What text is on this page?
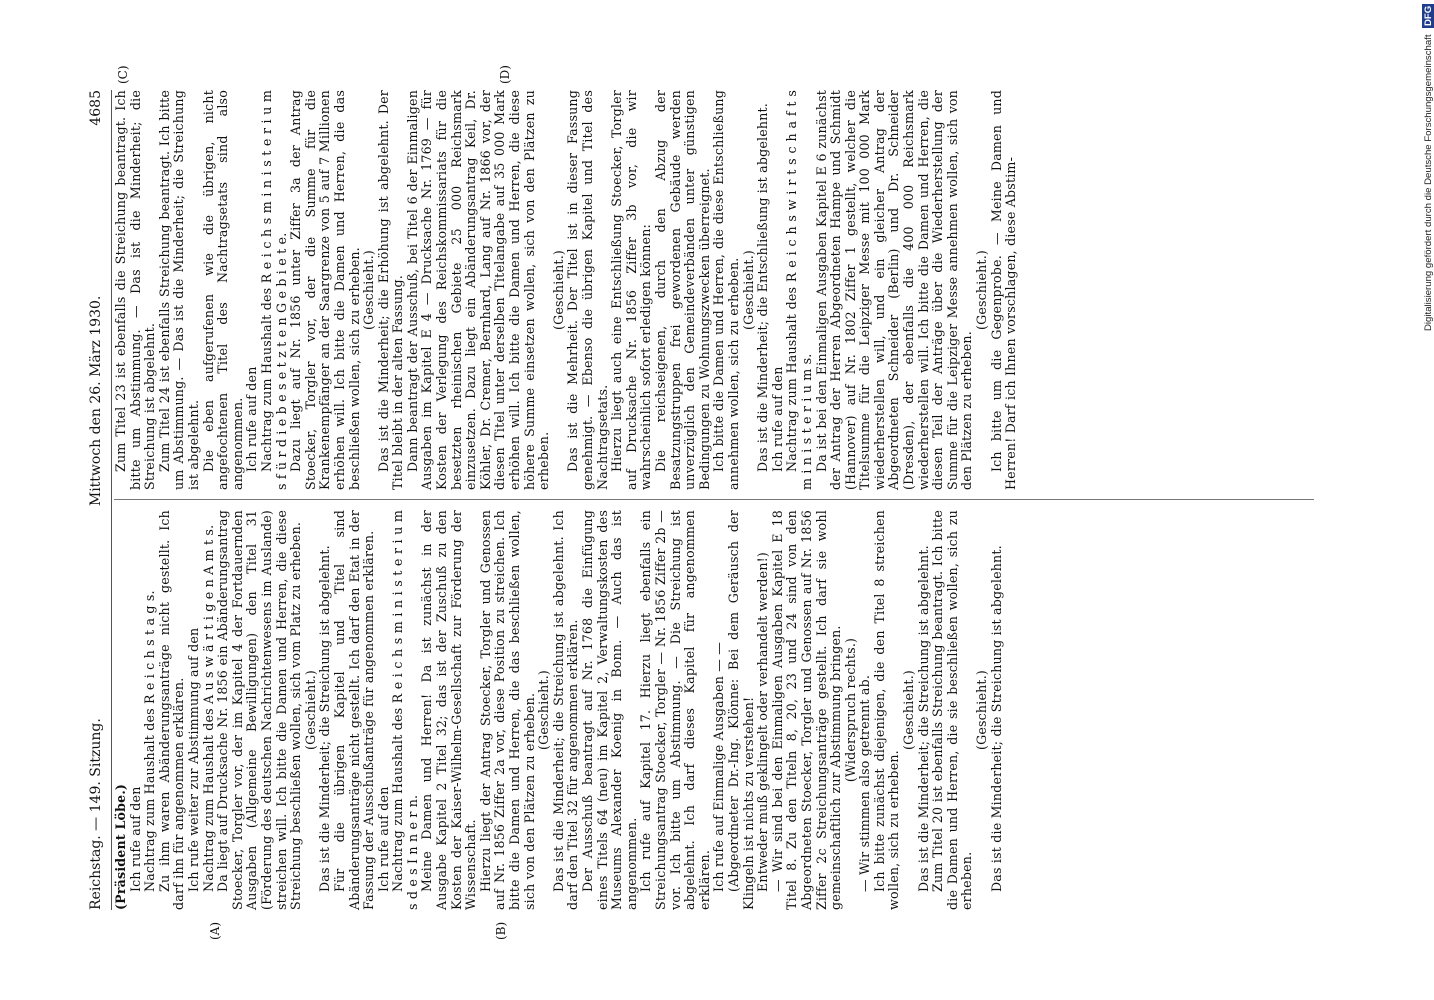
Reichstag. — 149. Sitzung.
Mittwoch den 26. März 1930.4685
(A)	(B)
(C)	(D)

(Präsident Löbe.) Ich rufe auf den Nachtrag zum Haushalt des R e i c h s t a g s. Zu ihm waren Abänderungsanträge nicht gestellt. Ich darf ihn für angenommen erklären. Ich rufe weiter zur Abstimmung auf den Nachtrag zum Haushalt des A u s w ä r t i g e n A m t s. Da liegt auf Drucksache Nr. 1856 ein Abänderungsantrag Stoecker, Torgler vor, der im Kapitel 4 der Fortdauernden Ausgaben (Allgemeine Bewilligungen) den Titel 31 (Förderung des deutschen Nachrichtenwesens im Auslande) streichen will. Ich bitte die Damen und Herren, die diese Streichung beschließen wollen, sich vom Platz zu erheben. (Geschieht.) Das ist die Minderheit; die Streichung ist abgelehnt. Für die übrigen Kapitel und Titel sind Abänderungsanträge nicht gestellt. Ich darf den Etat in der Fassung der Ausschußanträge für angenommen erklären. Ich rufe auf den Nachtrag zum Haushalt des R e i c h s m i n i s t e r i u m s d e s I n n e r n. Meine Damen und Herren! Da ist zunächst in der Ausgabe Kapitel 2 Titel 32; das ist der Zuschuß zu den Kosten der Kaiser-Wilhelm-Gesellschaft zur Förderung der Wissenschaft. Hierzu liegt der Antrag Stoecker, Torgler und Genossen auf Nr. 1856 Ziffer 2a vor, diese Position zu streichen. Ich bitte die Damen und Herren, die das beschließen wollen, sich von den Plätzen zu erheben. (Geschieht.) Das ist die Minderheit; die Streichung ist abgelehnt. Ich darf den Titel 32 für angenommen erklären. Der Ausschuß beantragt auf Nr. 1768 die Einfügung eines Titels 64 (neu) im Kapitel 2, Verwaltungskosten des Museums Alexander Koenig in Bonn. — Auch das ist angenommen. Ich rufe auf Kapitel 17. Hierzu liegt ebenfalls ein Streichungsantrag Stoecker, Torgler — Nr. 1856 Ziffer 2b — vor. Ich bitte um Abstimmung. — Die Streichung ist abgelehnt. Ich darf dieses Kapitel für angenommen erklären. Ich rufe auf Einmalige Ausgaben — — (Abgeordneter Dr.-Ing. Klönne: Bei dem Geräusch der Klingeln ist nichts zu verstehen! Entweder muß geklingelt oder verhandelt werden!) — Wir sind bei den Einmaligen Ausgaben Kapitel E 18 Titel 8. Zu den Titeln 8, 20, 23 und 24 sind von den Abgeordneten Stoecker, Torgler und Genossen auf Nr. 1856 Ziffer 2c Streichungsanträge gestellt. Ich darf sie wohl gemeinschaftlich zur Abstimmung bringen. (Widerspruch rechts.) — Wir stimmen also getrennt ab. Ich bitte zunächst diejenigen, die den Titel 8 streichen wollen, sich zu erheben.

(Geschieht.) Das ist die Minderheit; die Streichung ist abgelehnt. Zum Titel 20 ist ebenfalls Streichung beantragt. Ich bitte die Damen und Herren, die sie beschließen wollen, sich zu erheben.

(Geschieht.) Das ist die Minderheit; die Streichung ist abgelehnt.

Zum Titel 23 ist ebenfalls die Streichung beantragt. Ich bitte um Abstimmung. — Das ist die Minderheit; die Streichung ist abgelehnt. Zum Titel 24 ist ebenfalls Streichung beantragt. Ich bitte um Abstimmung. — Das ist die Minderheit; die Streichung ist abgelehnt. Die eben aufgerufenen wie die übrigen, nicht angefochtenen Titel des Nachtragsetats sind also angenommen. Ich rufe auf den Nachtrag zum Haushalt des R e i c h s m i n i s t e r i u m s f ü r d i e b e s e t z t e n G e b i e t e. Dazu liegt auf Nr. 1856 unter Ziffer 3a der Antrag Stoecker, Torgler vor, der die Summe für die Krankenempfänger an der Saargrenze von 5 auf 7 Millionen erhöhen will. Ich bitte die Damen und Herren, die das beschließen wollen, sich zu erheben. (Geschieht.) Das ist die Minderheit; die Erhöhung ist abgelehnt. Der Titel bleibt in der alten Fassung. Dann beantragt der Ausschuß, bei Titel 6 der Einmaligen Ausgaben im Kapitel E 4 — Drucksache Nr. 1769 — für Kosten der Verlegung des Reichskommissariats für die besetzten rheinischen Gebiete 25 000 Reichsmark einzusetzen. Dazu liegt ein Abänderungsantrag Keil, Dr. Köhler, Dr. Cremer, Bernhard, Lang auf Nr. 1866 vor, der diesen Titel unter derselben Titelangabe auf 35 000 Mark erhöhen will. Ich bitte die Damen und Herren, die diese höhere Summe einsetzen wollen, sich von den Plätzen zu erheben.

(Geschieht.) Das ist die Mehrheit. Der Titel ist in dieser Fassung genehmigt. — Ebenso die übrigen Kapitel und Titel des Nachtragsetats. Hierzu liegt auch eine Entschließung Stoecker, Torgler auf Drucksache Nr. 1856 Ziffer 3b vor, die wir wahrscheinlich sofort erledigen können: Die reichseigenen, durch den Abzug der Besatzungstruppen frei gewordenen Gebäude werden unverzüglich den Gemeindeverbänden unter günstigen Bedingungen zu Wohnungszwecken überreignet. Ich bitte die Damen und Herren, die diese Entschließung annehmen wollen, sich zu erheben. (Geschieht.) Das ist die Minderheit; die Entschließung ist abgelehnt. Ich rufe auf den Nachtrag zum Haushalt des R e i c h s w i r t s c h a f t s m i n i s t e r i u m s. Da ist bei den Einmaligen Ausgaben Kapitel E 6 zunächst der Antrag der Herren Abgeordneten Hampe und Schmidt (Hannover) auf Nr. 1802 Ziffer 1 gestellt, welcher die Titelsumme für die Leipziger Messe mit 100 000 Mark wiederherstellen will, und ein gleicher Antrag der Abgeordneten Schneider (Berlin) und Dr. Schneider (Dresden), der ebenfalls die 400 000 Reichsmark wiederherstellen will. Ich bitte die Damen und Herren, die diesen Teil der Anträge über die Wiederherstellung der Summe für die Leipziger Messe annehmen wollen, sich von den Plätzen zu erheben.

(Geschieht.) Ich bitte um die Gegenprobe. — Meine Damen und Herren! Darf ich Ihnen vorschlagen, diese Abstim-	Digitalisierung gefördert durch die Deutsche Forschungsgemeinschaft DFG
